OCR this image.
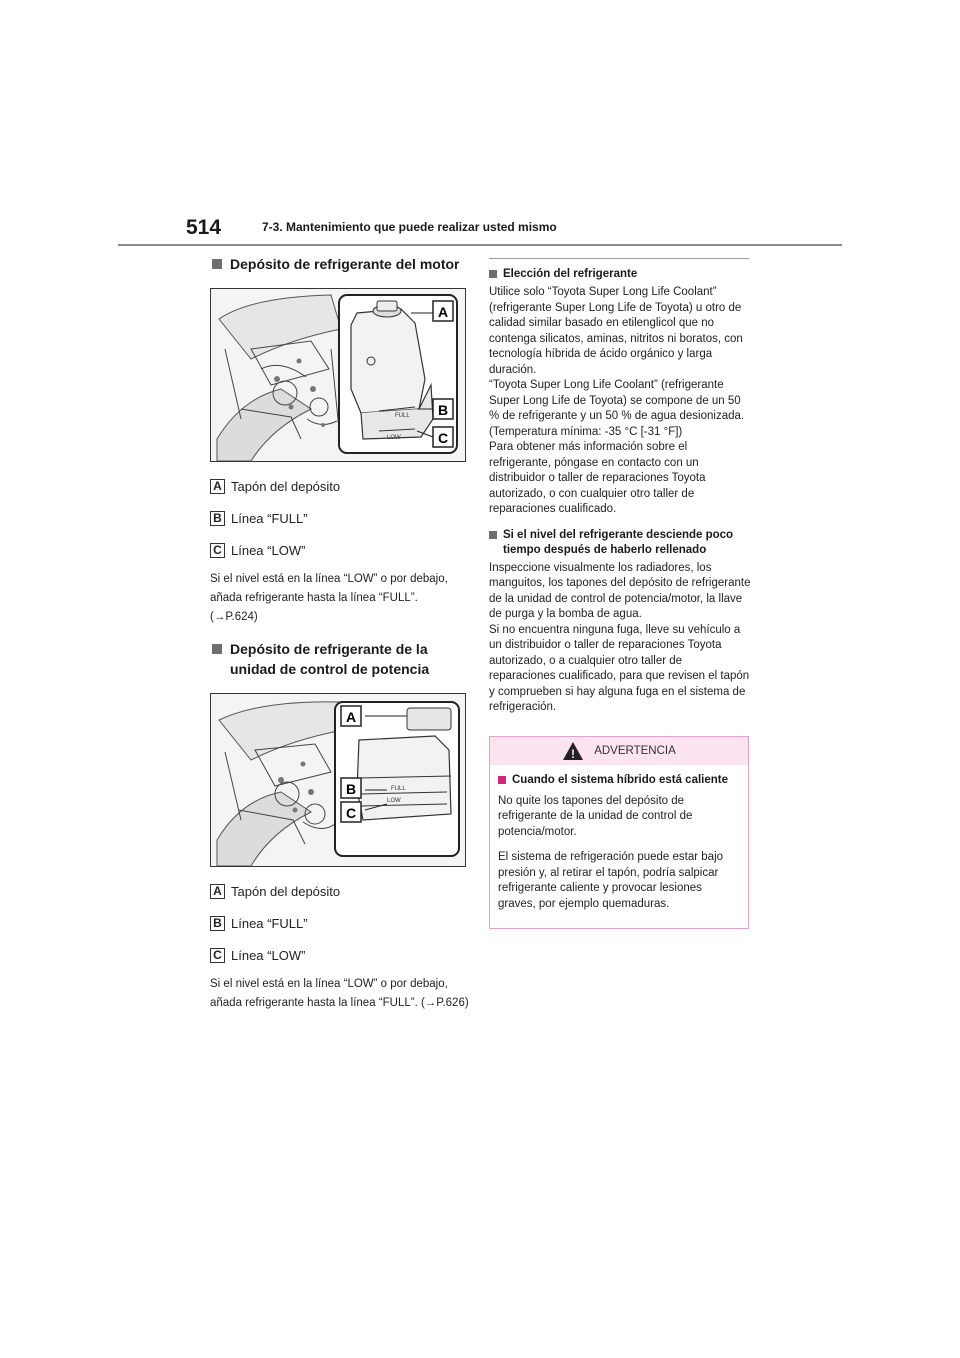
514	7-3. Mantenimiento que puede realizar usted mismo
Depósito de refrigerante del motor
FULL
LOW
A
B
C
A Tapón del depósito
B Línea “FULL”
C Línea “LOW”
Si el nivel está en la línea “LOW” o por debajo, añada refrigerante hasta la línea “FULL”.
(→P.624)
Depósito de refrigerante de la unidad de control de potencia
FULL
LOW
A
B
C
A Tapón del depósito
B Línea “FULL”
C Línea “LOW”
Si el nivel está en la línea “LOW” o por debajo, añada refrigerante hasta la línea “FULL”. (→P.626)
Elección del refrigerante
Utilice solo “Toyota Super Long Life Coolant” (refrigerante Super Long Life de Toyota) u otro de calidad similar basado en etilenglicol que no contenga silicatos, aminas, nitritos ni boratos, con tecnología híbrida de ácido orgánico y larga duración.
“Toyota Super Long Life Coolant” (refrigerante Super Long Life de Toyota) se compone de un 50 % de refrigerante y un 50 % de agua desionizada. (Temperatura mínima: -35 °C [-31 °F])
Para obtener más información sobre el refrigerante, póngase en contacto con un distribuidor o taller de reparaciones Toyota autorizado, o con cualquier otro taller de reparaciones cualificado.
Si el nivel del refrigerante desciende poco tiempo después de haberlo rellenado
Inspeccione visualmente los radiadores, los manguitos, los tapones del depósito de refrigerante de la unidad de control de potencia/motor, la llave de purga y la bomba de agua.
Si no encuentra ninguna fuga, lleve su vehículo a un distribuidor o taller de reparaciones Toyota autorizado, o a cualquier otro taller de reparaciones cualificado, para que revisen el tapón y comprueben si hay alguna fuga en el sistema de refrigeración.
! ADVERTENCIA
Cuando el sistema híbrido está caliente
No quite los tapones del depósito de refrigerante de la unidad de control de potencia/motor.
El sistema de refrigeración puede estar bajo presión y, al retirar el tapón, podría salpicar refrigerante caliente y provocar lesiones graves, por ejemplo quemaduras.
